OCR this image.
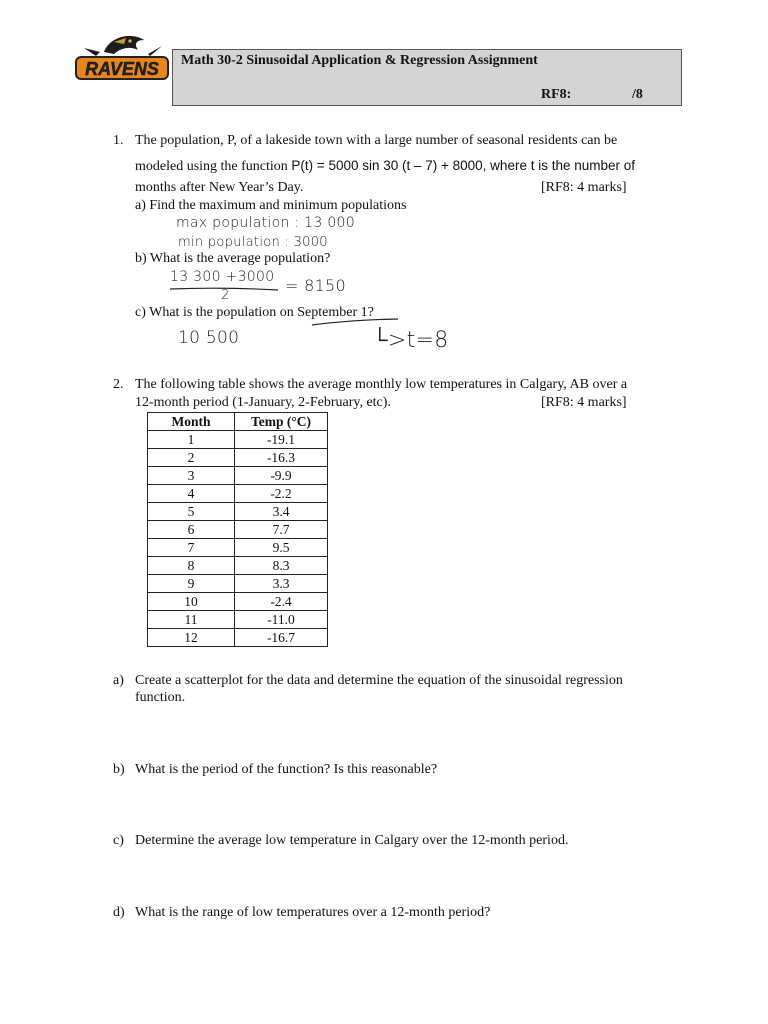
RAVENS Math 30-2 Sinusoidal Application & Regression Assignment
RF8:	/8
1. The population, P, of a lakeside town with a large number of seasonal residents can be
modeled using the function P(t) = 5000 sin 30 (t – 7) + 8000, where t is the number of
months after New Year’s Day.	[RF8: 4 marks]
a) Find the maximum and minimum populations
max population : 13 000
min population : 3000
b) What is the average population?
13 300 +3000
2
= 8150
c) What is the population on September 1?
10 500	└>t=8
2. The following table shows the average monthly low temperatures in Calgary, AB over a
12-month period (1-January, 2-February, etc).	[RF8: 4 marks]
Month	Temp (°C)
1	-19.1
2	-16.3
3	-9.9
4	-2.2
5	3.4
6	7.7
7	9.5
8	8.3
9	3.3
10	-2.4
11	-11.0
12	-16.7
a) Create a scatterplot for the data and determine the equation of the sinusoidal regression
function.
b) What is the period of the function? Is this reasonable?
c) Determine the average low temperature in Calgary over the 12-month period.
d) What is the range of low temperatures over a 12-month period?
